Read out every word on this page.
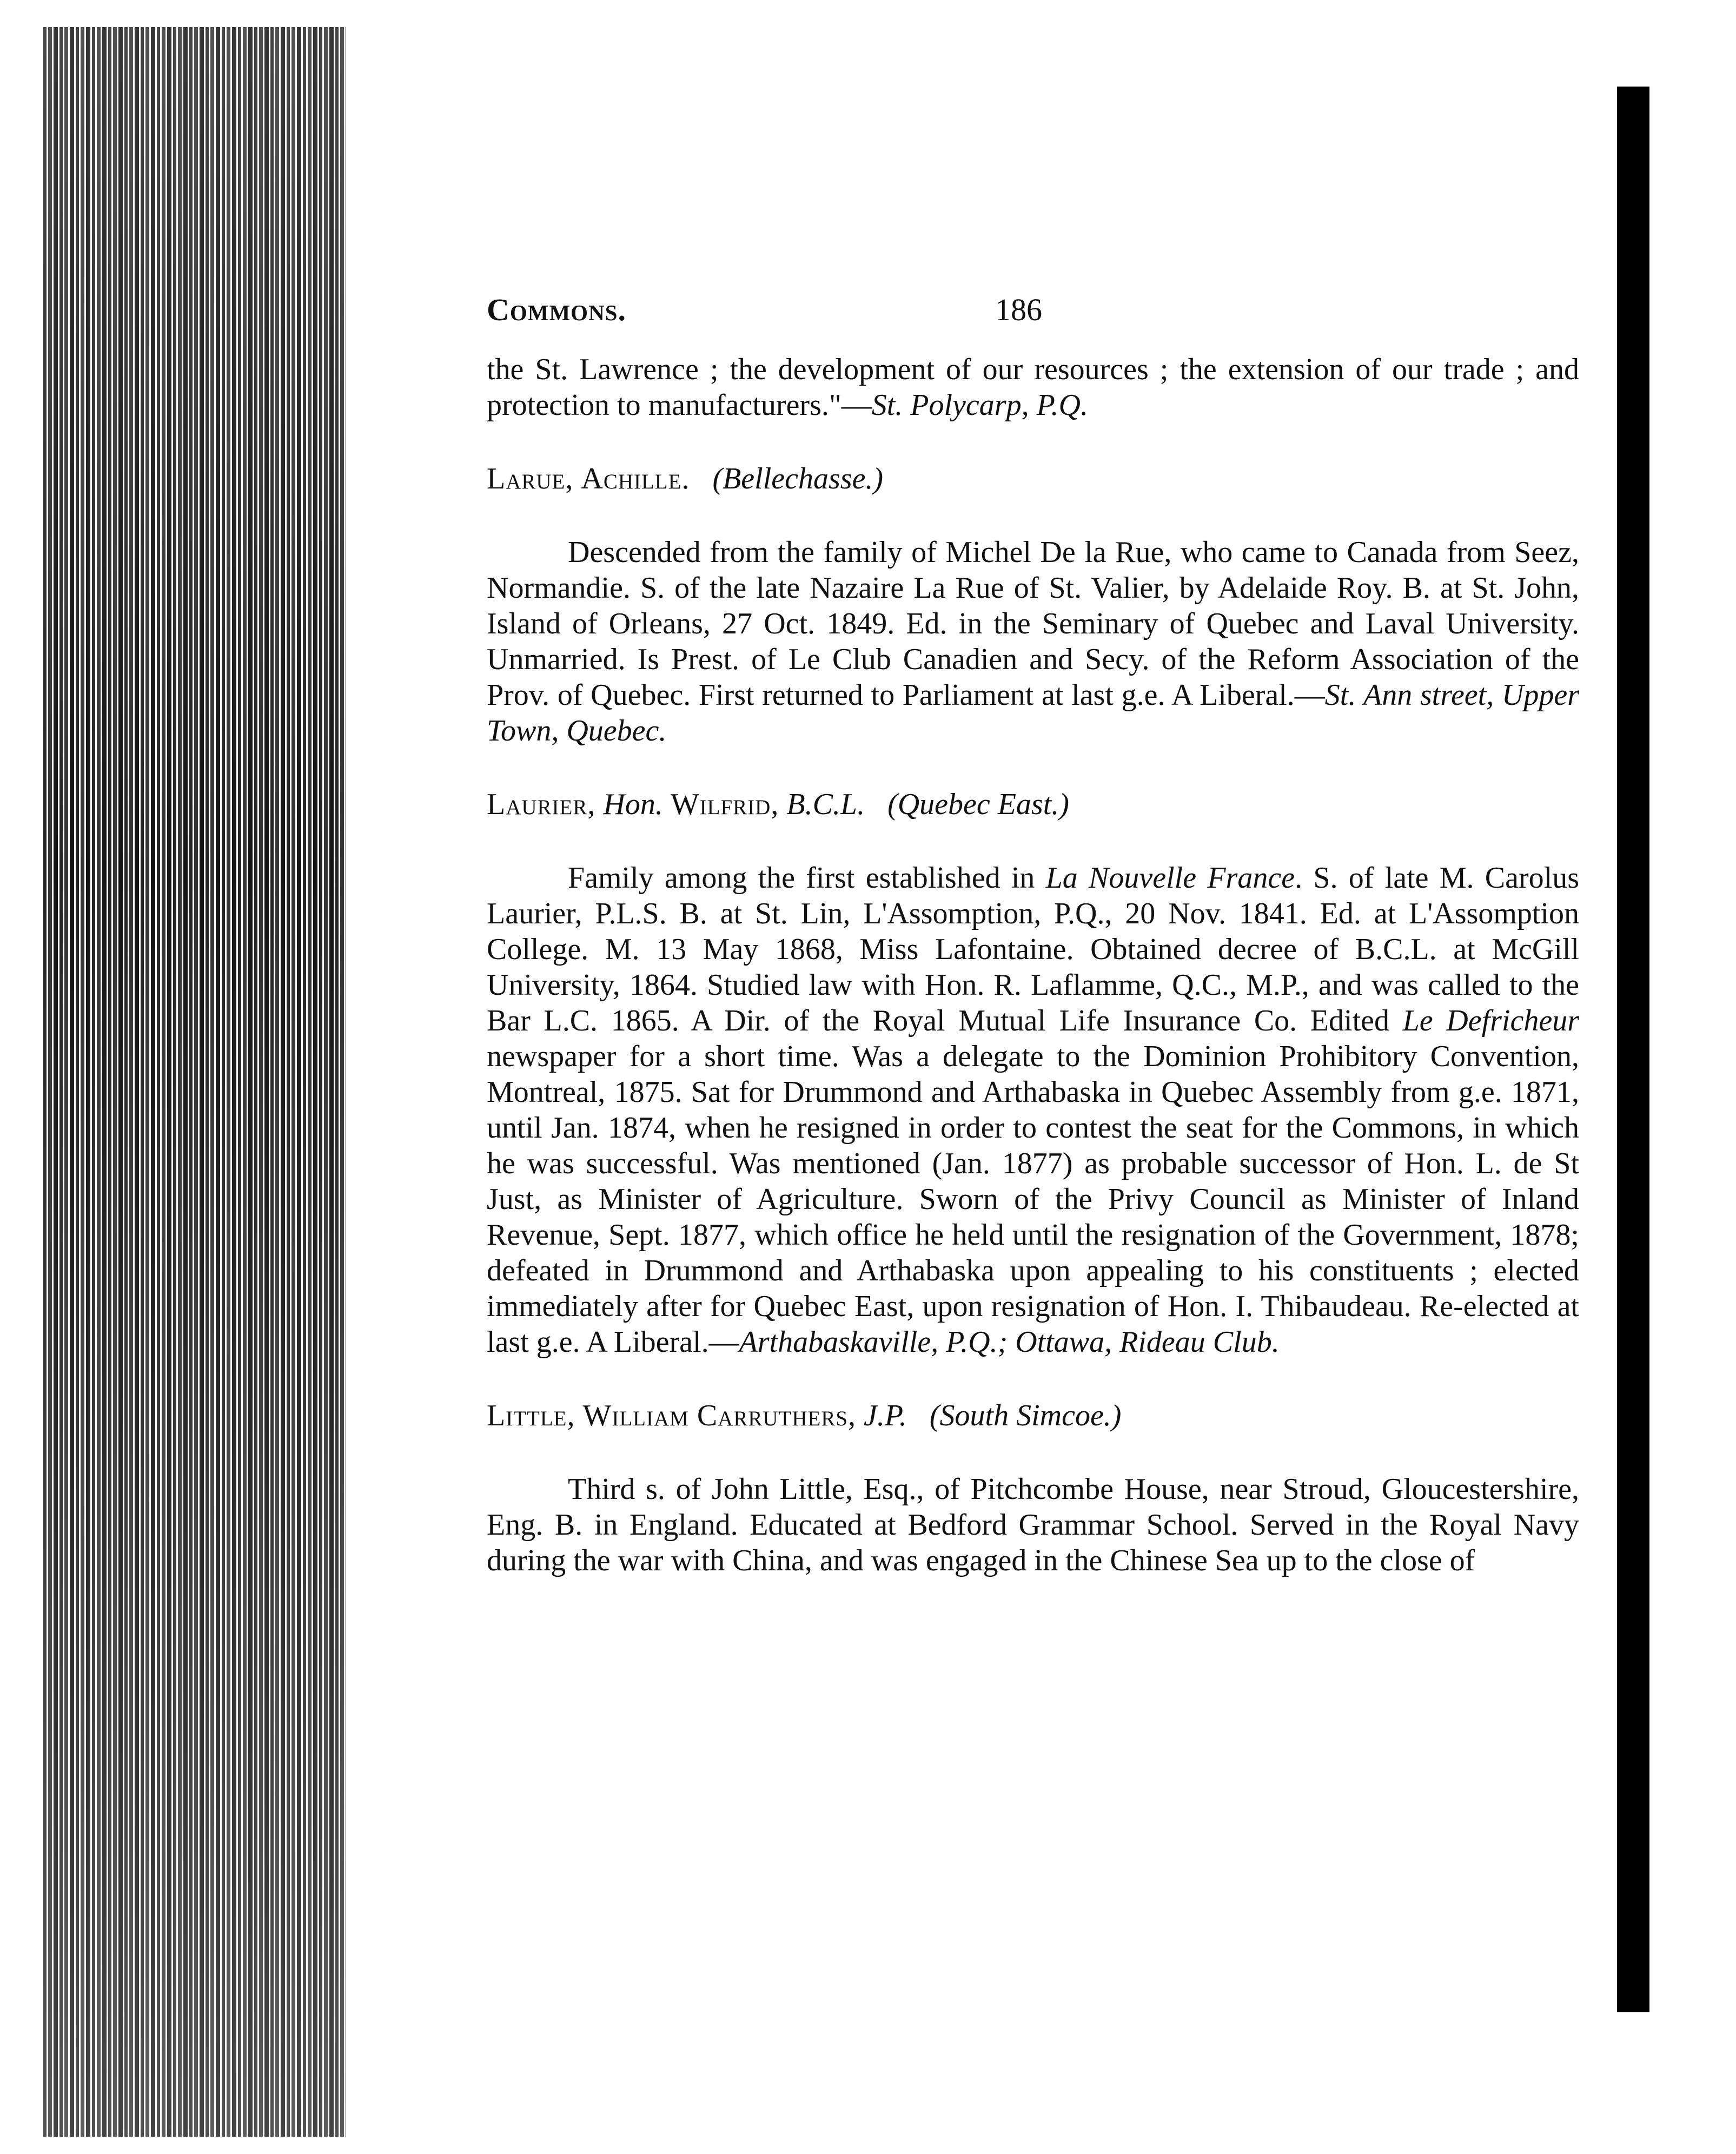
Commons.	186

the St. Lawrence ; the development of our resources ; the extension of our trade ; and protection to manufacturers."—St. Polycarp, P.Q.

Larue, Achille. (Bellechasse.)

Descended from the family of Michel De la Rue, who came to Canada from Seez, Normandie. S. of the late Nazaire La Rue of St. Valier, by Adelaide Roy. B. at St. John, Island of Orleans, 27 Oct. 1849. Ed. in the Seminary of Quebec and Laval University. Unmarried. Is Prest. of Le Club Canadien and Secy. of the Reform Association of the Prov. of Quebec. First returned to Parliament at last g.e. A Liberal.—St. Ann street, Upper Town, Quebec.

Laurier, Hon. Wilfrid, B.C.L. (Quebec East.)

Family among the first established in La Nouvelle France. S. of late M. Carolus Laurier, P.L.S. B. at St. Lin, L'Assomption, P.Q., 20 Nov. 1841. Ed. at L'Assomption College. M. 13 May 1868, Miss Lafontaine. Obtained decree of B.C.L. at McGill University, 1864. Studied law with Hon. R. Laflamme, Q.C., M.P., and was called to the Bar L.C. 1865. A Dir. of the Royal Mutual Life Insurance Co. Edited Le Defricheur newspaper for a short time. Was a delegate to the Dominion Prohibitory Convention, Montreal, 1875. Sat for Drummond and Arthabaska in Quebec Assembly from g.e. 1871, until Jan. 1874, when he resigned in order to contest the seat for the Commons, in which he was successful. Was mentioned (Jan. 1877) as probable successor of Hon. L. de St Just, as Minister of Agriculture. Sworn of the Privy Council as Minister of Inland Revenue, Sept. 1877, which office he held until the resignation of the Government, 1878; defeated in Drummond and Arthabaska upon appealing to his constituents ; elected immediately after for Quebec East, upon resignation of Hon. I. Thibaudeau. Re-elected at last g.e. A Liberal.—Arthabaskaville, P.Q.; Ottawa, Rideau Club.

Little, William Carruthers, J.P. (South Simcoe.)

Third s. of John Little, Esq., of Pitchcombe House, near Stroud, Gloucestershire, Eng. B. in England. Educated at Bedford Grammar School. Served in the Royal Navy during the war with China, and was engaged in the Chinese Sea up to the close of
